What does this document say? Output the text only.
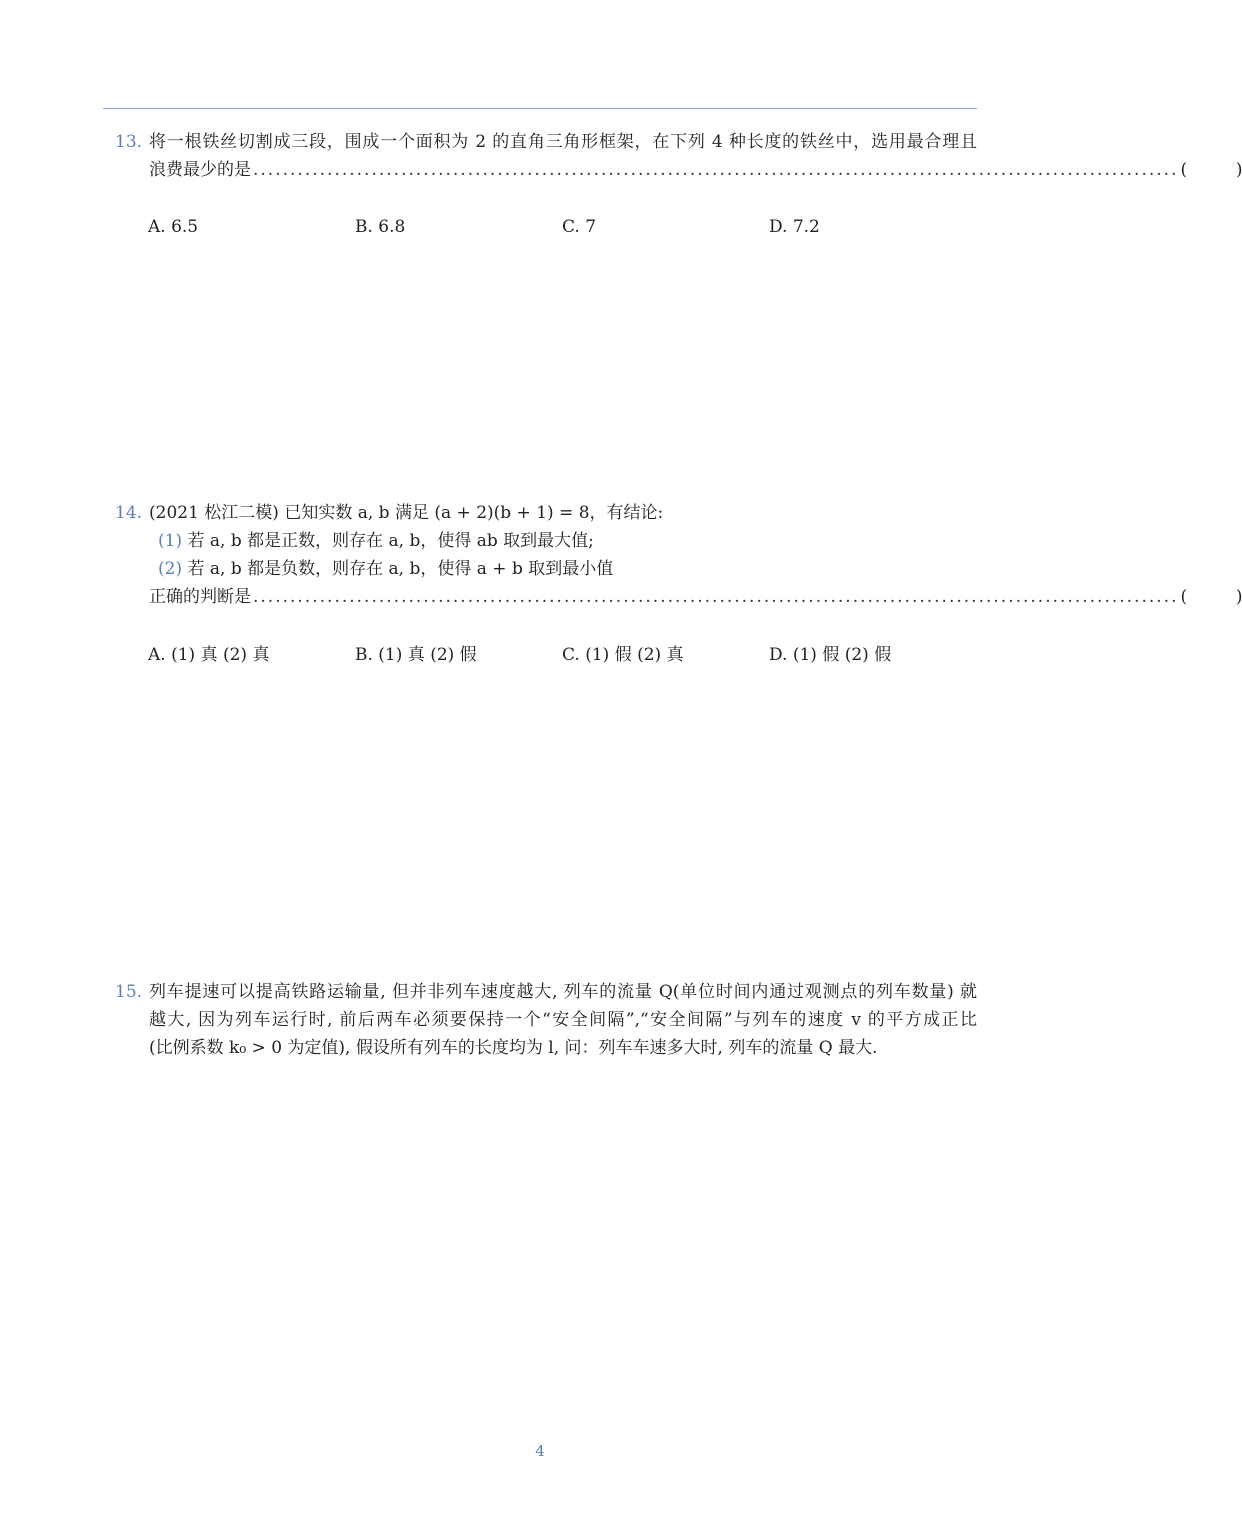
13. 将一根铁丝切割成三段，围成一个面积为 2 的直角三角形框架，在下列 4 种长度的铁丝中，选用最合理且
浪费最少的是 ............................................................................................................................. (	)
A. 6.5	B. 6.8	C. 7	D. 7.2
14. (2021 松江二模) 已知实数 a, b 满足 (a + 2)(b + 1) = 8，有结论:
(1) 若 a, b 都是正数，则存在 a, b，使得 ab 取到最大值;
(2) 若 a, b 都是负数，则存在 a, b，使得 a + b 取到最小值
正确的判断是 ............................................................................................................................. (	)
A. (1) 真 (2) 真	B. (1) 真 (2) 假	C. (1) 假 (2) 真	D. (1) 假 (2) 假
15. 列车提速可以提高铁路运输量, 但并非列车速度越大, 列车的流量 Q(单位时间内通过观测点的列车数量) 就
越大, 因为列车运行时, 前后两车必须要保持一个“安全间隔”,“安全间隔”与列车的速度 v 的平方成正比
(比例系数 k₀ > 0 为定值), 假设所有列车的长度均为 l, 问：列车车速多大时, 列车的流量 Q 最大.
4
